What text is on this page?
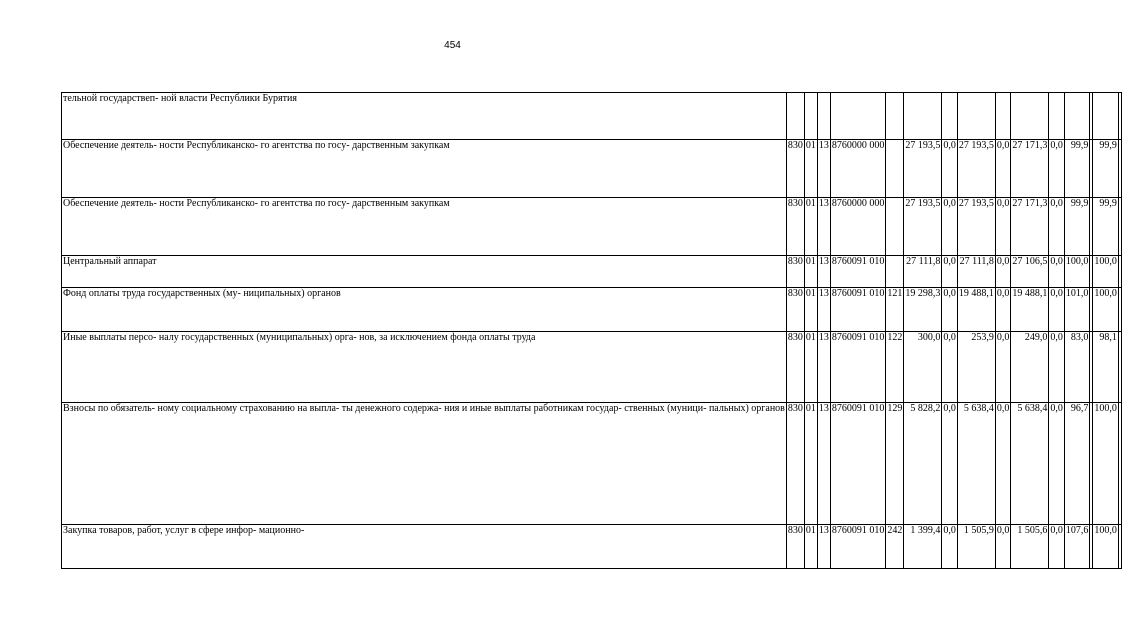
454
тельной государствеп- ной власти Республики Бурятия															
Обеспечение деятель- ности Республиканско- го агентства по госу- дарственным закупкам	830	01	13	8760000 000		27 193,5	0,0	27 193,5	0,0	27 171,3	0,0	99,9		99,9	
Обеспечение деятель- ности Республиканско- го агентства по госу- дарственным закупкам	830	01	13	8760000 000		27 193,5	0,0	27 193,5	0,0	27 171,3	0,0	99,9		99,9	
Центральный аппарат	830	01	13	8760091 010		27 111,8	0,0	27 111,8	0,0	27 106,5	0,0	100,0		100,0	
Фонд оплаты труда государственных (му- ниципальных) органов	830	01	13	8760091 010	121	19 298,3	0,0	19 488,1	0,0	19 488,1	0,0	101,0		100,0	
Иные выплаты персо- налу государственных (муниципальных) орга- нов, за исключением фонда оплаты труда	830	01	13	8760091 010	122	300,0	0,0	253,9	0,0	249,0	0,0	83,0		98,1	
Взносы по обязатель- ному социальному страхованию на выпла- ты денежного содержа- ния и иные выплаты работникам государ- ственных (муници- пальных) органов	830	01	13	8760091 010	129	5 828,2	0,0	5 638,4	0,0	5 638,4	0,0	96,7		100,0	
Закупка товаров, работ, услуг в сфере инфор- мационно-	830	01	13	8760091 010	242	1 399,4	0,0	1 505,9	0,0	1 505,6	0,0	107,6		100,0	
